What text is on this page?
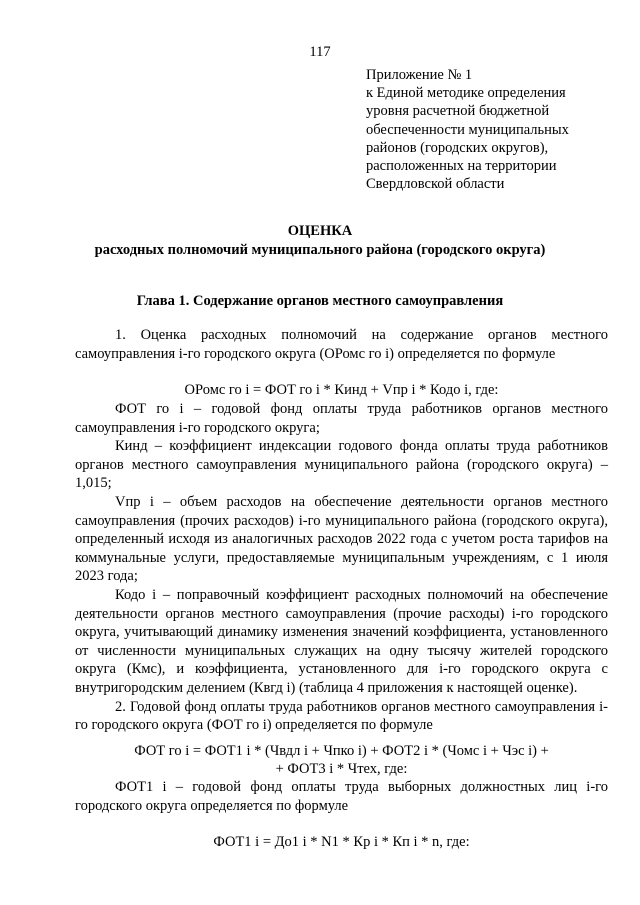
117
Приложение № 1
к Единой методике определения
уровня расчетной бюджетной
обеспеченности муниципальных
районов (городских округов),
расположенных на территории
Свердловской области
ОЦЕНКА
расходных полномочий муниципального района (городского округа)
Глава 1. Содержание органов местного самоуправления

1. Оценка расходных полномочий на содержание органов местного самоуправления i-го городского округа (ОРомс го i) определяется по формуле

ОРомс го i = ФОТ го i * Кинд + Vпр i * Кодо i, где:

ФОТ го i – годовой фонд оплаты труда работников органов местного самоуправления i-го городского округа;

Кинд – коэффициент индексации годового фонда оплаты труда работников органов местного самоуправления муниципального района (городского округа) – 1,015;

Vпр i – объем расходов на обеспечение деятельности органов местного самоуправления (прочих расходов) i-го муниципального района (городского округа), определенный исходя из аналогичных расходов 2022 года с учетом роста тарифов на коммунальные услуги, предоставляемые муниципальным учреждениям, с 1 июля 2023 года;

Кодо i – поправочный коэффициент расходных полномочий на обеспечение деятельности органов местного самоуправления (прочие расходы) i-го городского округа, учитывающий динамику изменения значений коэффициента, установленного от численности муниципальных служащих на одну тысячу жителей городского округа (Кмс), и коэффициента, установленного для i-го городского округа с внутригородским делением (Квгд i) (таблица 4 приложения к настоящей оценке).

2. Годовой фонд оплаты труда работников органов местного самоуправления i-го городского округа (ФОТ го i) определяется по формуле

ФОТ го i = ФОТ1 i * (Чвдл i + Чпко i) + ФОТ2 i * (Чомс i + Чэс i) +
+ ФОТ3 i * Чтех, где:

ФОТ1 i – годовой фонд оплаты труда выборных должностных лиц i-го городского округа определяется по формуле

ФОТ1 i = До1 i * N1 * Кр i * Кп i * n, где:
